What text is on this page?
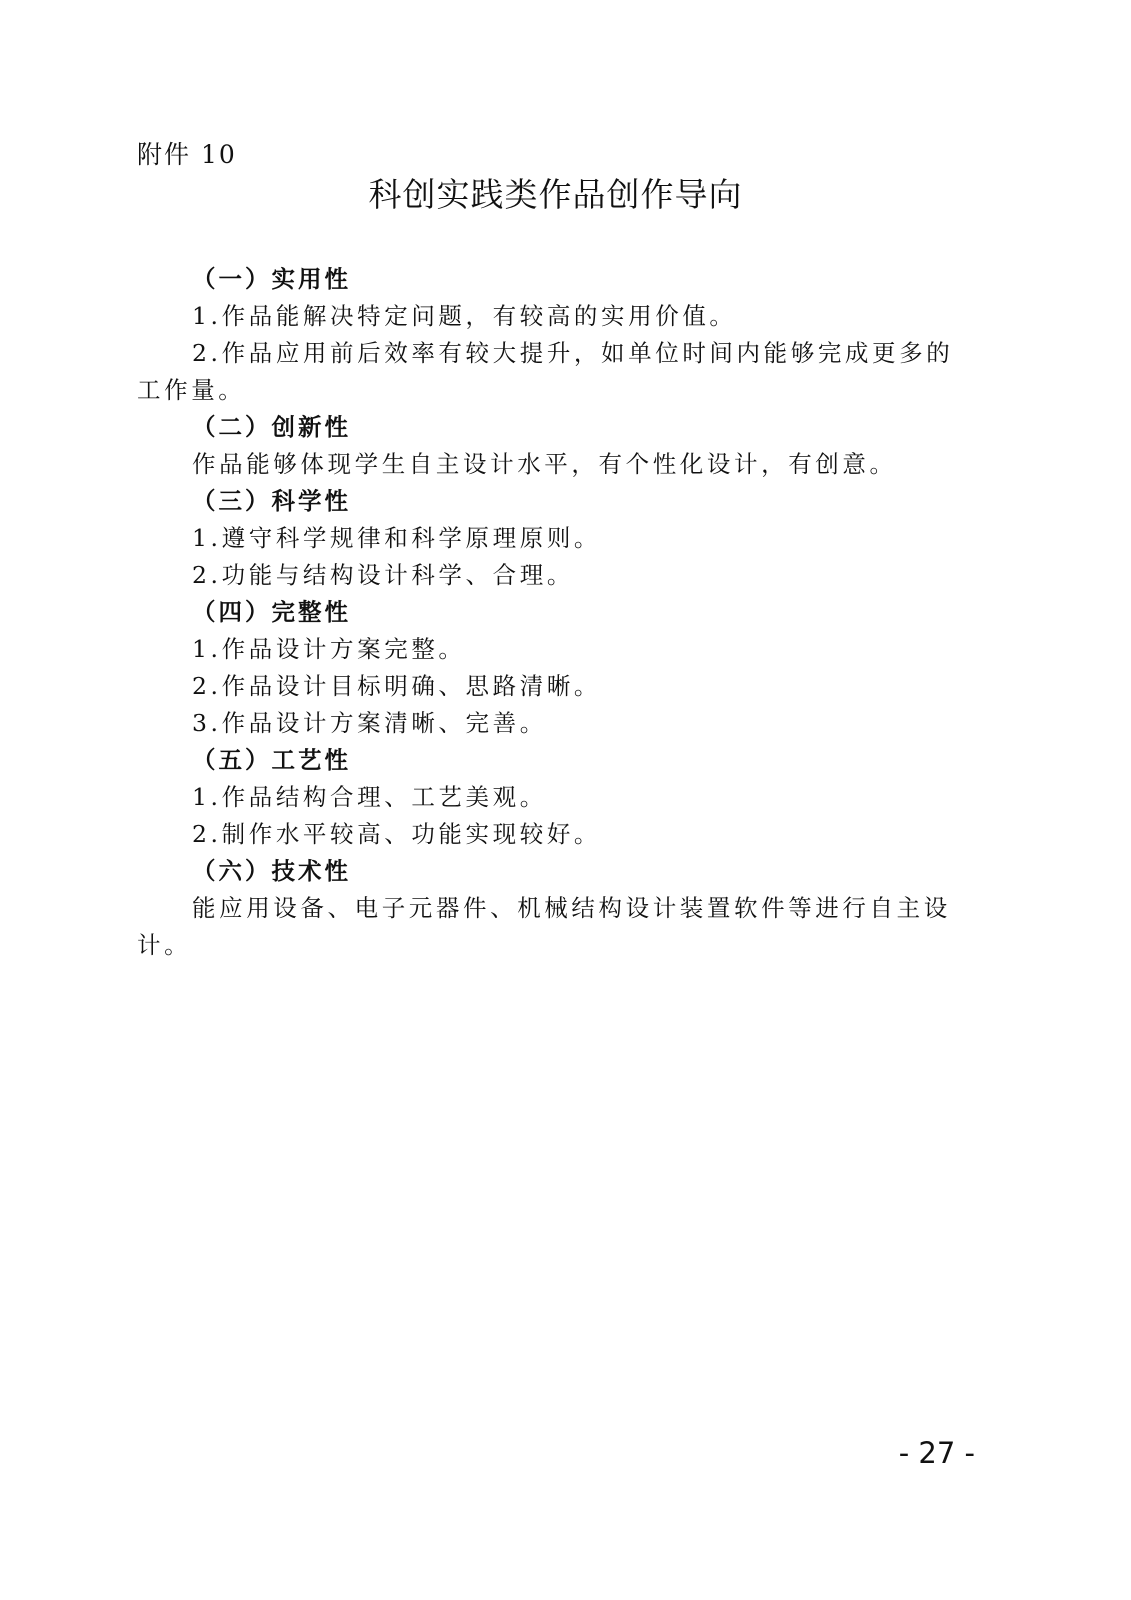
附件 10
科创实践类作品创作导向
（一）实用性
1.作品能解决特定问题，有较高的实用价值。
2.作品应用前后效率有较大提升，如单位时间内能够完成更多的
工作量。
（二）创新性
作品能够体现学生自主设计水平，有个性化设计，有创意。
（三）科学性
1.遵守科学规律和科学原理原则。
2.功能与结构设计科学、合理。
（四）完整性
1.作品设计方案完整。
2.作品设计目标明确、思路清晰。
3.作品设计方案清晰、完善。
（五）工艺性
1.作品结构合理、工艺美观。
2.制作水平较高、功能实现较好。
（六）技术性
能应用设备、电子元器件、机械结构设计装置软件等进行自主设
计。
- 27 -
